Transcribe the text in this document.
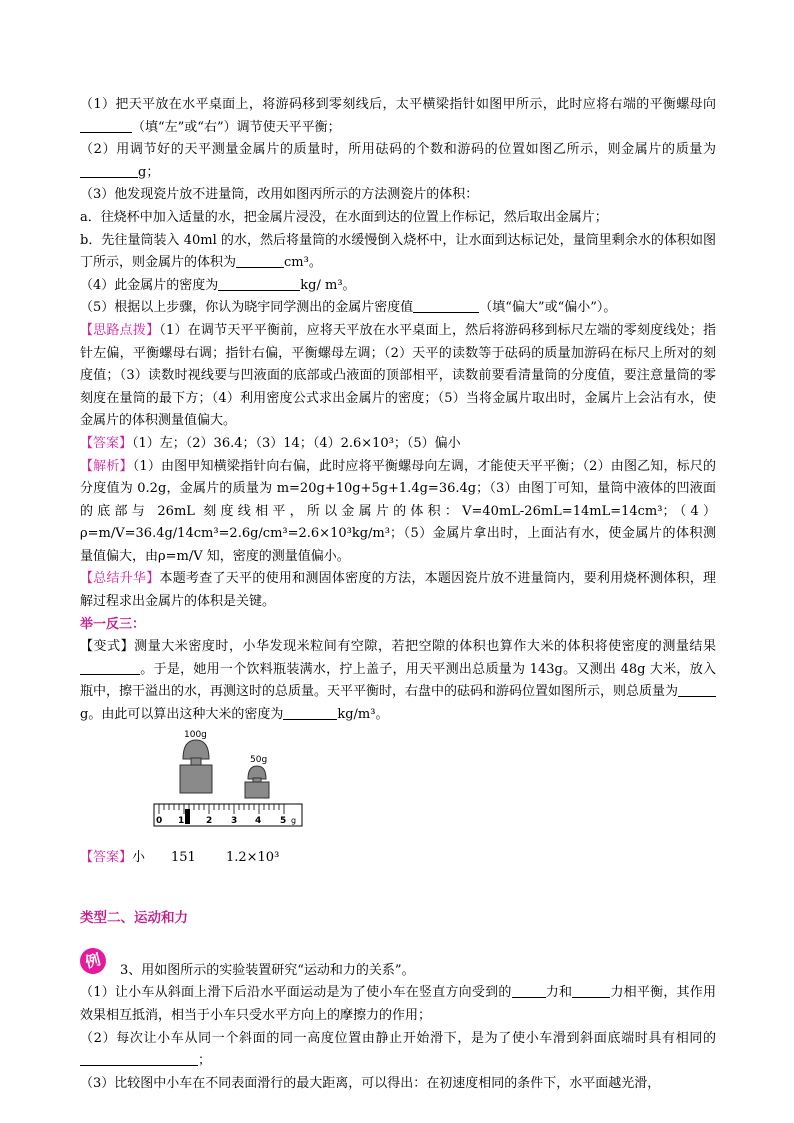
（1）把天平放在水平桌面上，将游码移到零刻线后，太平横梁指针如图甲所示，此时应将右端的平衡螺母向（填“左”或“右”）调节使天平平衡；

（2）用调节好的天平测量金属片的质量时，所用砝码的个数和游码的位置如图乙所示，则金属片的质量为g；

（3）他发现瓷片放不进量筒，改用如图丙所示的方法测瓷片的体积：

a．往烧杯中加入适量的水，把金属片浸没，在水面到达的位置上作标记，然后取出金属片；

b．先往量筒装入 40ml 的水，然后将量筒的水缓慢倒入烧杯中，让水面到达标记处，量筒里剩余水的体积如图丁所示，则金属片的体积为	cm³。

（4）此金属片的密度为	kg/ m³。

（5）根据以上步骤，你认为晓宇同学测出的金属片密度值	（填“偏大”或“偏小”）。

【思路点拨】（1）在调节天平平衡前，应将天平放在水平桌面上，然后将游码移到标尺左端的零刻度线处；指针左偏，平衡螺母右调；指针右偏，平衡螺母左调；（2）天平的读数等于砝码的质量加游码在标尺上所对的刻度值；（3）读数时视线要与凹液面的底部或凸液面的顶部相平，读数前要看清量筒的分度值，要注意量筒的零刻度在量筒的最下方；（4）利用密度公式求出金属片的密度；（5）当将金属片取出时，金属片上会沾有水，使金属片的体积测量值偏大。

【答案】（1）左；（2）36.4；（3）14；（4）2.6×10³；（5）偏小

【解析】（1）由图甲知横梁指针向右偏，此时应将平衡螺母向左调，才能使天平平衡；（2）由图乙知，标尺的分度值为 0.2g，金属片的质量为 m=20g+10g+5g+1.4g=36.4g；（3）由图丁可知，量筒中液体的凹液面的底部与 26mL 刻度线相平，所以金属片的体积：V=40mL-26mL=14mL=14cm³；（4）ρ=m/V=36.4g/14cm³=2.6g/cm³=2.6×10³kg/m³；（5）金属片拿出时，上面沾有水，使金属片的体积测量值偏大，由ρ=m/V 知，密度的测量值偏小。

【总结升华】本题考查了天平的使用和测固体密度的方法，本题因瓷片放不进量筒内，要利用烧杯测体积，理解过程求出金属片的体积是关键。

举一反三：

【变式】测量大米密度时，小华发现米粒间有空隙，若把空隙的体积也算作大米的体积将使密度的测量结果。于是，她用一个饮料瓶装满水，拧上盖子，用天平测出总质量为 143g。又测出 48g 大米，放入瓶中，擦干溢出的水，再测这时的总质量。天平平衡时，右盘中的砝码和游码位置如图所示，则总质量为g。由此可以算出这种大米的密度为	kg/m³。

100g
50g
0 1 2 3 4 5 g

【答案】小　　151　　 1.2×10³

类型二、运动和力

例	3、用如图所示的实验装置研究“运动和力的关系”。

（1）让小车从斜面上滑下后沿水平面运动是为了使小车在竖直方向受到的	力和	力相平衡，其作用效果相互抵消，相当于小车只受水平方向上的摩擦力的作用；

（2）每次让小车从同一个斜面的同一高度位置由静止开始滑下，是为了使小车滑到斜面底端时具有相同的；

（3）比较图中小车在不同表面滑行的最大距离，可以得出：在初速度相同的条件下，水平面越光滑，
